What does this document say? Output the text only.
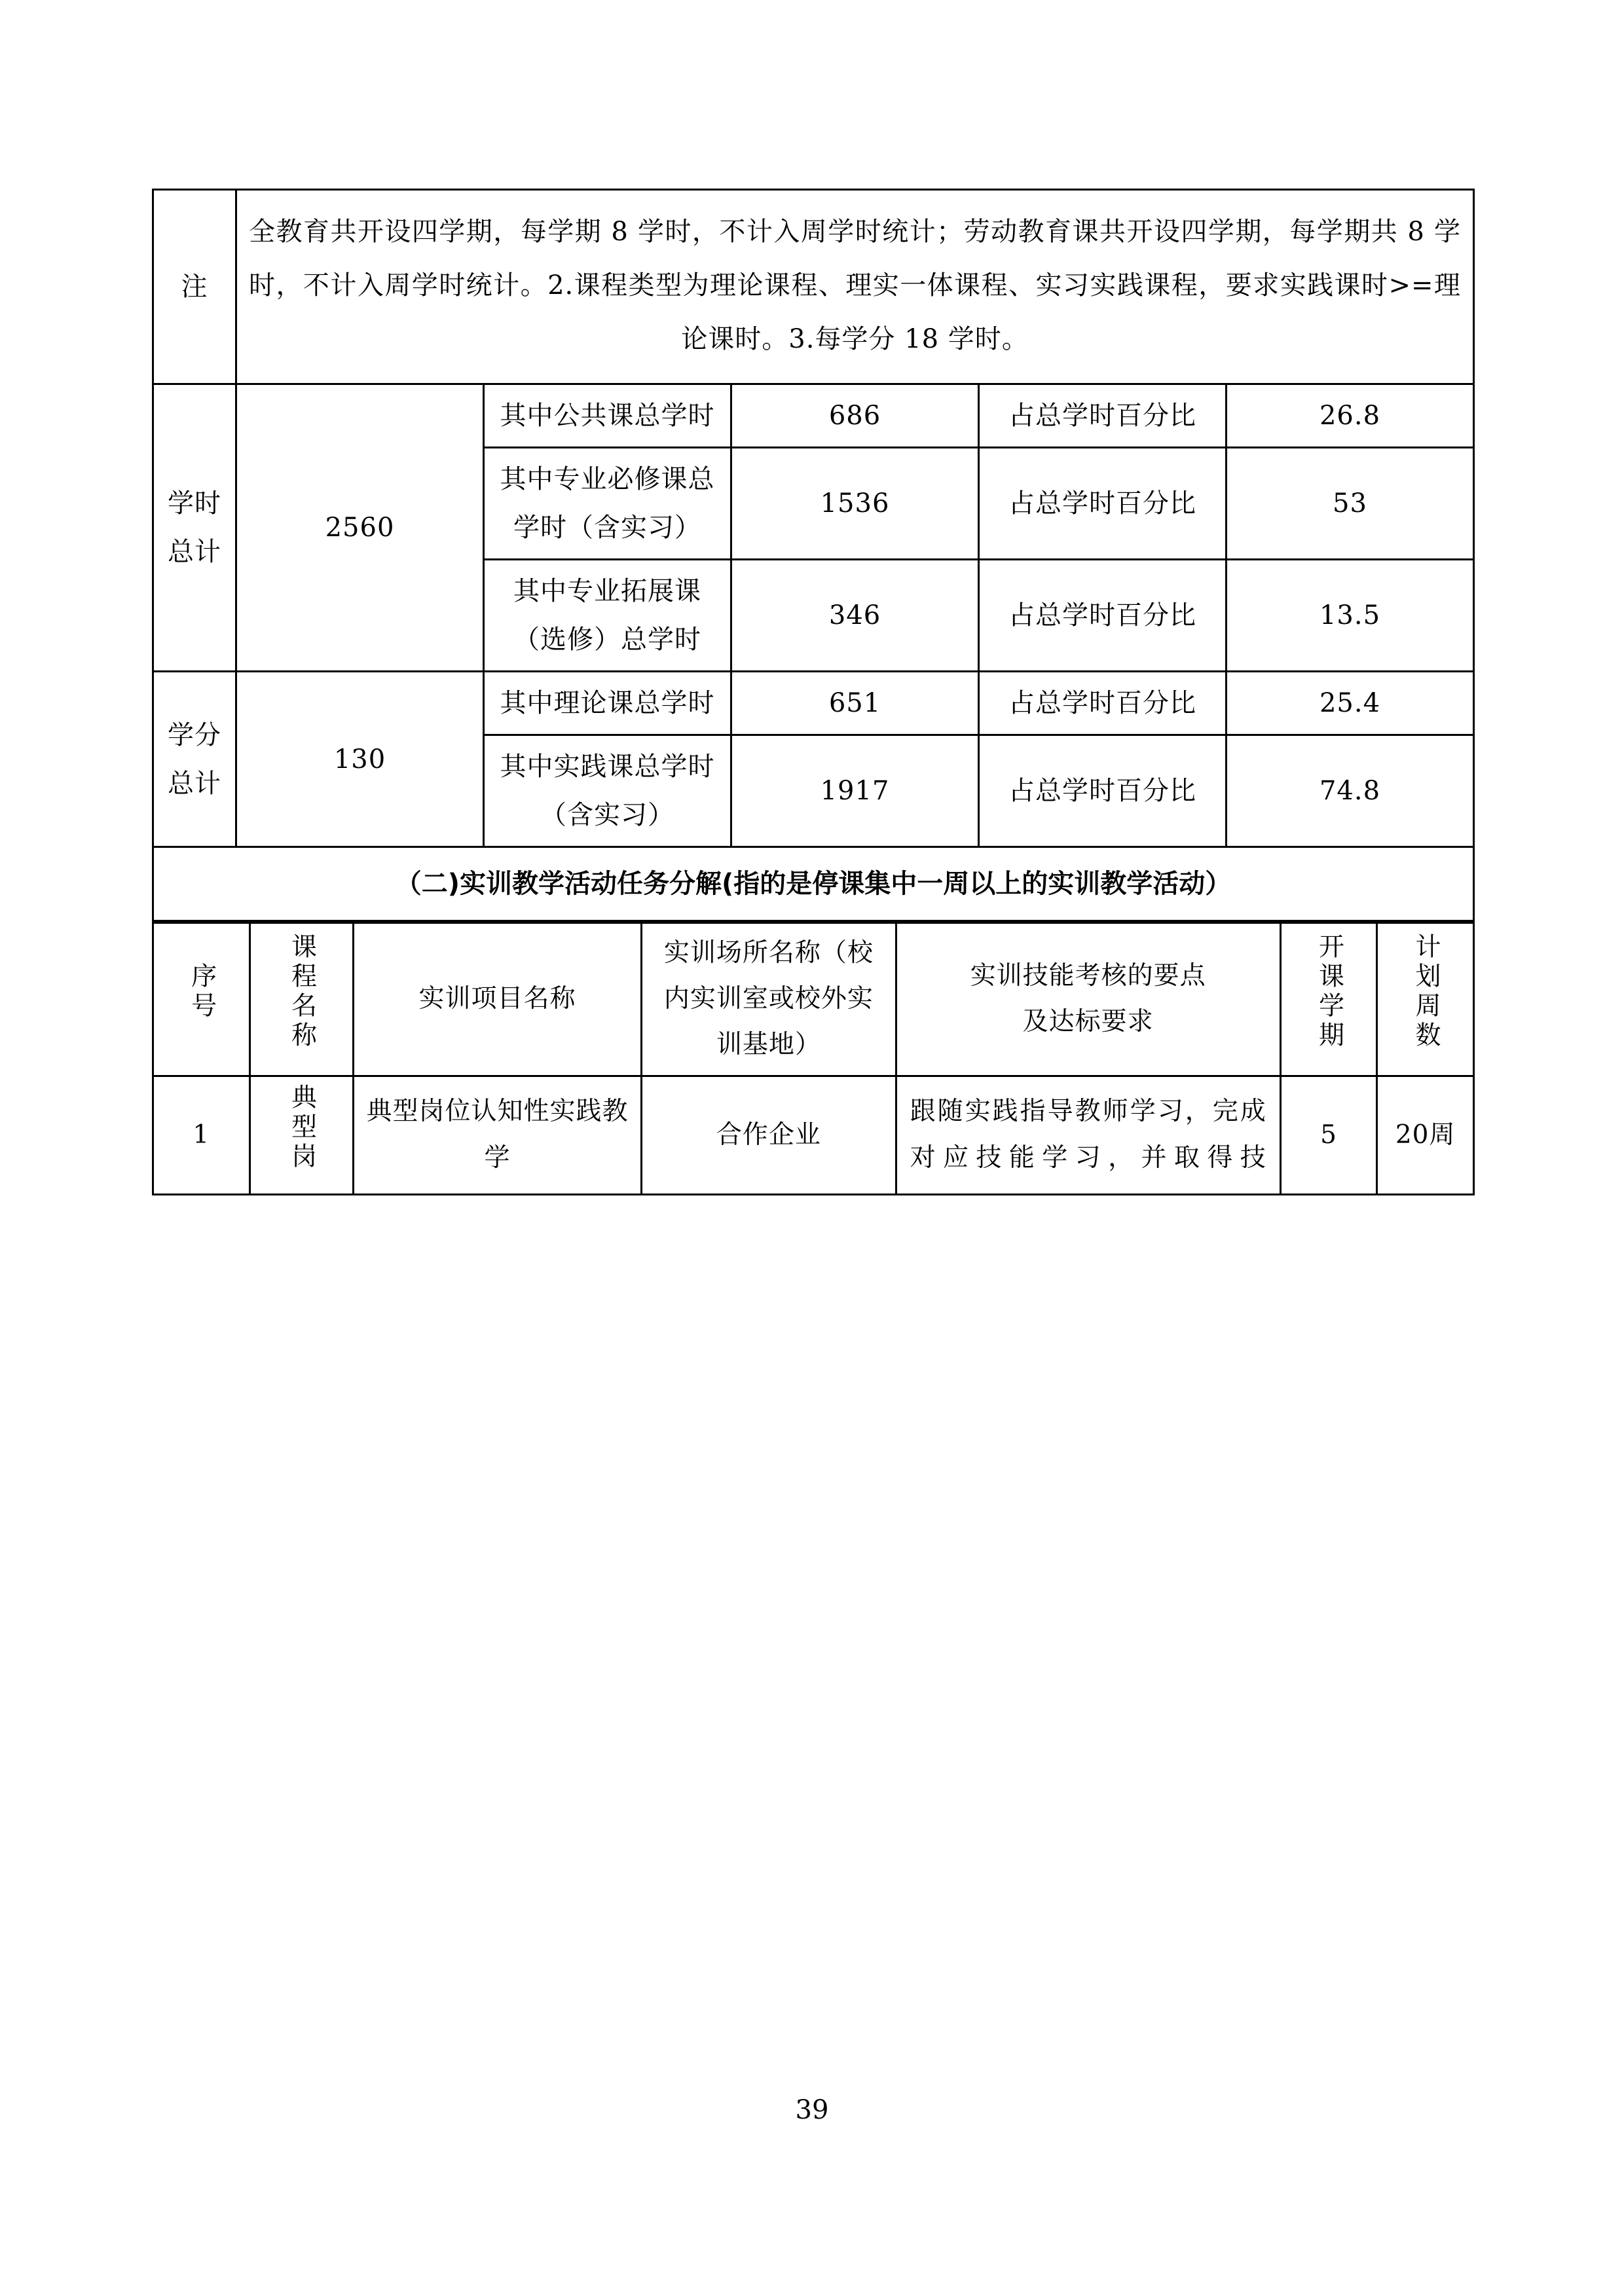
注	全教育共开设四学期，每学期 8 学时，不计入周学时统计；劳动教育课共开设四学期，每学期共 8 学时，不计入周学时统计。2.课程类型为理论课程、理实一体课程、实习实践课程，要求实践课时>=理论课时。3.每学分 18 学时。				
学时总计	2560	其中公共课总学时	686	占总学时百分比	26.8
		其中专业必修课总学时（含实习）	1536	占总学时百分比	53
		其中专业拓展课（选修）总学时	346	占总学时百分比	13.5
学分总计	130	其中理论课总学时	651	占总学时百分比	25.4
		其中实践课总学时（含实习）	1917	占总学时百分比	74.8
（二)实训教学活动任务分解(指的是停课集中一周以上的实训教学活动）					
序号	课程名称	实训项目名称	实训场所名称（校内实训室或校外实训基地）	实训技能考核的要点　　　　及达标要求	开课学期	计划周数
1	典型岗	典型岗位认知性实践教学	合作企业	跟随实践指导教师学习，完成对应技能学习，并取得技	5	20周
39
